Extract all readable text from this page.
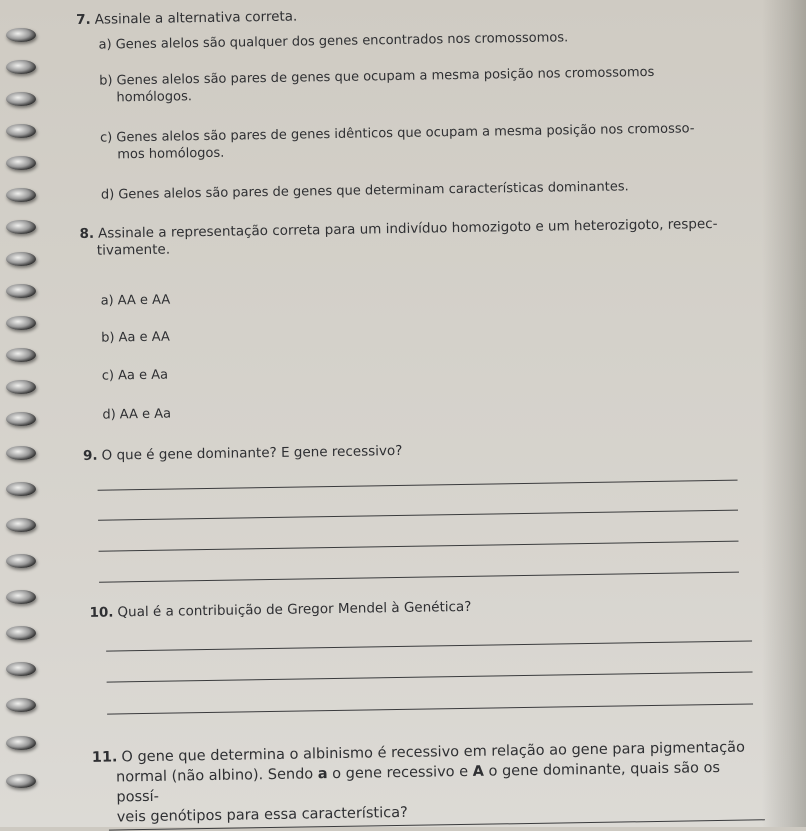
7. Assinale a alternativa correta.
a) Genes alelos são qualquer dos genes encontrados nos cromossomos.
b) Genes alelos são pares de genes que ocupam a mesma posição nos cromossomos
homólogos.
c) Genes alelos são pares de genes idênticos que ocupam a mesma posição nos cromosso-
mos homólogos.
d) Genes alelos são pares de genes que determinam características dominantes.
8. Assinale a representação correta para um indivíduo homozigoto e um heterozigoto, respec-
tivamente.
a) AA e AA
b) Aa e AA
c) Aa e Aa
d) AA e Aa
9. O que é gene dominante? E gene recessivo?
10. Qual é a contribuição de Gregor Mendel à Genética?
11. O gene que determina o albinismo é recessivo em relação ao gene para pigmentação
normal (não albino). Sendo a o gene recessivo e A o gene dominante, quais são os possí-
veis genótipos para essa característica?
